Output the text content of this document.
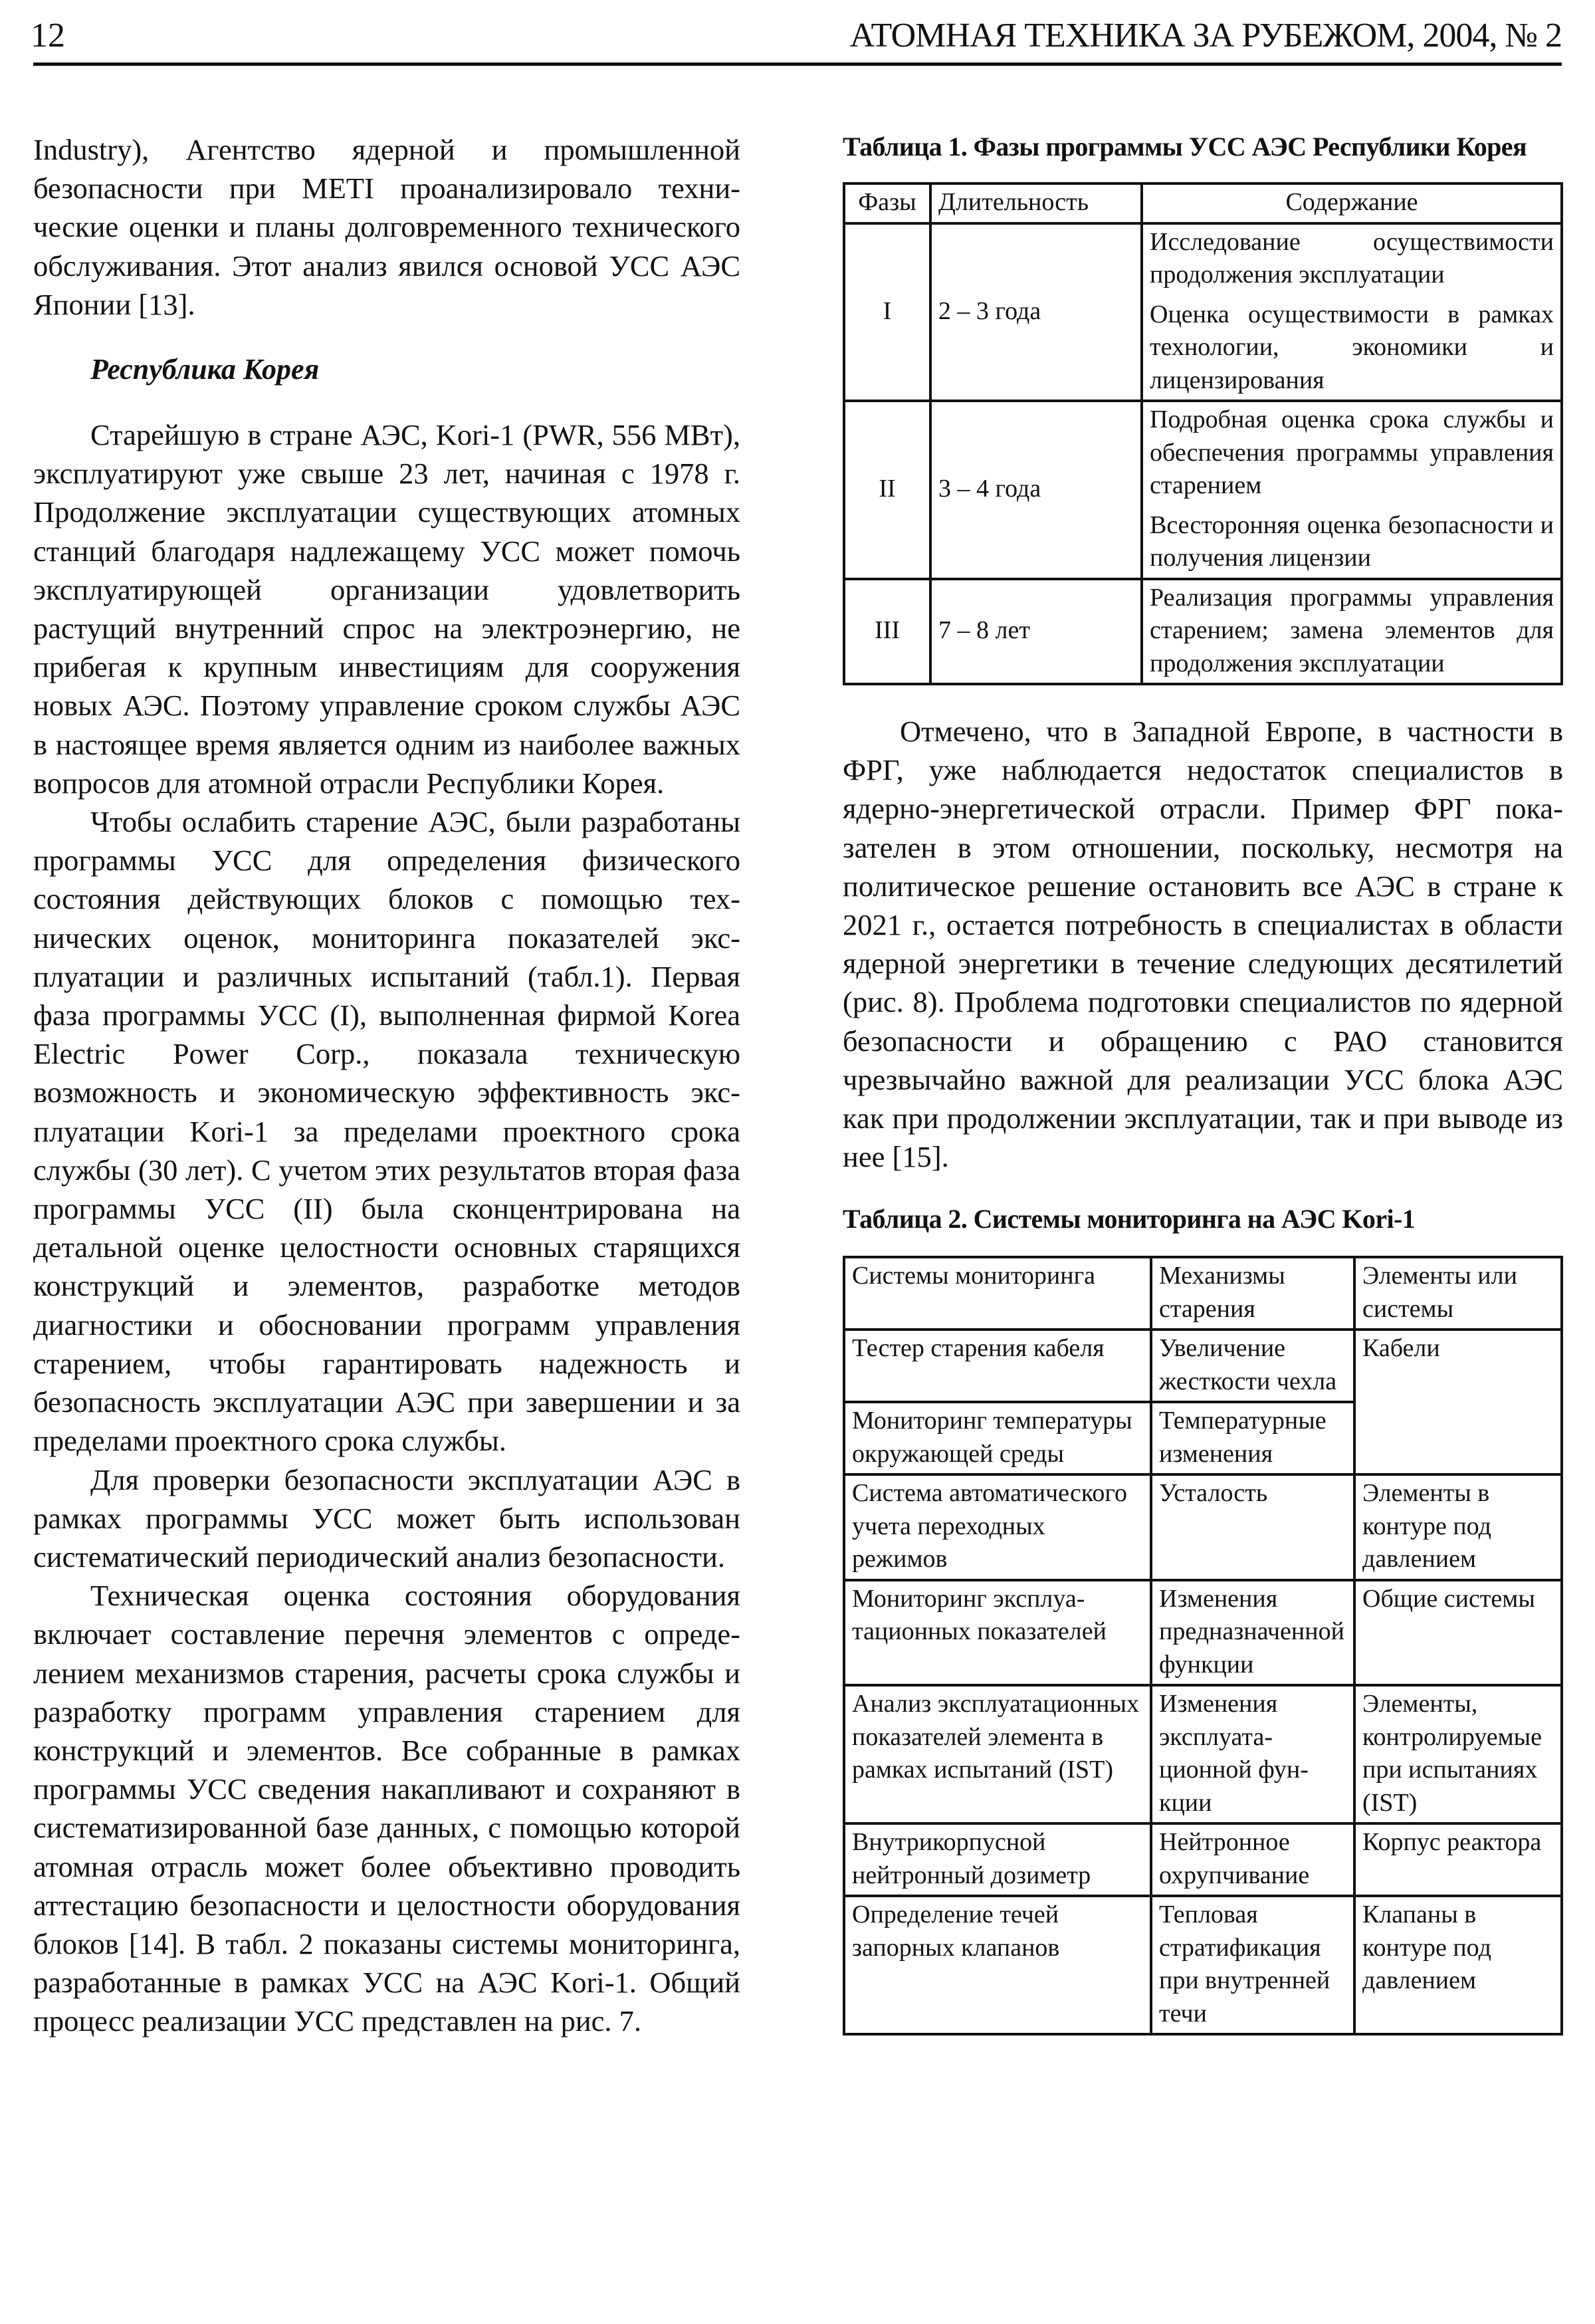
12	АТОМНАЯ ТЕХНИКА ЗА РУБЕЖОМ, 2004, № 2

Industry), Агентство ядерной и промышленной безопасности при METI проанализировало технические оценки и планы долговременного технического обслуживания. Этот анализ явился основой УСС АЭС Японии [13].

Республика Корея

Старейшую в стране АЭС, Kori-1 (PWR, 556 МВт), эксплуатируют уже свыше 23 лет, начиная с 1978 г. Продолжение эксплуатации существующих атомных станций благодаря надлежащему УСС может помочь эксплуатирующей организации удовлетворить растущий внутренний спрос на электроэнергию, не прибегая к крупным инвестициям для сооружения новых АЭС. Поэтому управление сроком службы АЭС в настоящее время является одним из наиболее важных вопросов для атомной отрасли Республики Корея.

Чтобы ослабить старение АЭС, были разработаны программы УСС для определения физического состояния действующих блоков с помощью технических оценок, мониторинга показателей эксплуатации и различных испытаний (табл.1). Первая фаза программы УСС (I), выполненная фирмой Korea Electric Power Corp., показала техническую возможность и экономическую эффективность эксплуатации Kori-1 за пределами проектного срока службы (30 лет). С учетом этих результатов вторая фаза программы УСС (II) была сконцентрирована на детальной оценке целостности основных старящихся конструкций и элементов, разработке методов диагностики и обосновании программ управления старением, чтобы гарантировать надежность и безопасность эксплуатации АЭС при завершении и за пределами проектного срока службы.

Для проверки безопасности эксплуатации АЭС в рамках программы УСС может быть использован систематический периодический анализ безопасности.

Техническая оценка состояния оборудования включает составление перечня элементов с определением механизмов старения, расчеты срока службы и разработку программ управления старением для конструкций и элементов. Все собранные в рамках программы УСС сведения накапливают и сохраняют в систематизированной базе данных, с помощью которой атомная отрасль может более объективно проводить аттестацию безопасности и целостности оборудования блоков [14]. В табл. 2 показаны системы мониторинга, разработанные в рамках УСС на АЭС Kori-1. Общий процесс реализации УСС представлен на рис. 7.

Таблица 1. Фазы программы УСС АЭС Республики Корея

Фазы	Длительность	Содержание
I	2 – 3 года	Исследование осуществимости продолжения эксплуатации

Оценка осуществимости в рамках технологии, экономики и лицензирования

II	3 – 4 года	Подробная оценка срока службы и обеспечения программы управления старением

Всесторонняя оценка безопасности и получения лицензии

III	7 – 8 лет	Реализация программы управления старением; замена элементов для продолжения эксплуатации

Отмечено, что в Западной Европе, в частности в ФРГ, уже наблюдается недостаток специалистов в ядерно-энергетической отрасли. Пример ФРГ показателен в этом отношении, поскольку, несмотря на политическое решение остановить все АЭС в стране к 2021 г., остается потребность в специалистах в области ядерной энергетики в течение следующих десятилетий (рис. 8). Проблема подготовки специалистов по ядерной безопасности и обращению с РАО становится чрезвычайно важной для реализации УСС блока АЭС как при продолжении эксплуатации, так и при выводе из нее [15].

Таблица 2. Системы мониторинга на АЭС Kori-1

Системы мониторинга	Механизмы старения	Элементы или системы
Тестер старения кабеля	Увеличение жесткости чехла	Кабели
Мониторинг температуры окружающей среды	Температурные изменения	
Система автоматического учета переходных режимов	Усталость	Элементы в контуре под давлением
Мониторинг эксплуатационных показателей	Изменения предназначенной функции	Общие системы
Анализ эксплуатационных показателей элемента в рамках испытаний (IST)	Изменения эксплуатационной функции	Элементы, контролируемые при испытаниях (IST)
Внутрикорпусной нейтронный дозиметр	Нейтронное охрупчивание	Корпус реактора
Определение течей запорных клапанов	Тепловая стратификация при внутренней течи	Клапаны в контуре под давлением
